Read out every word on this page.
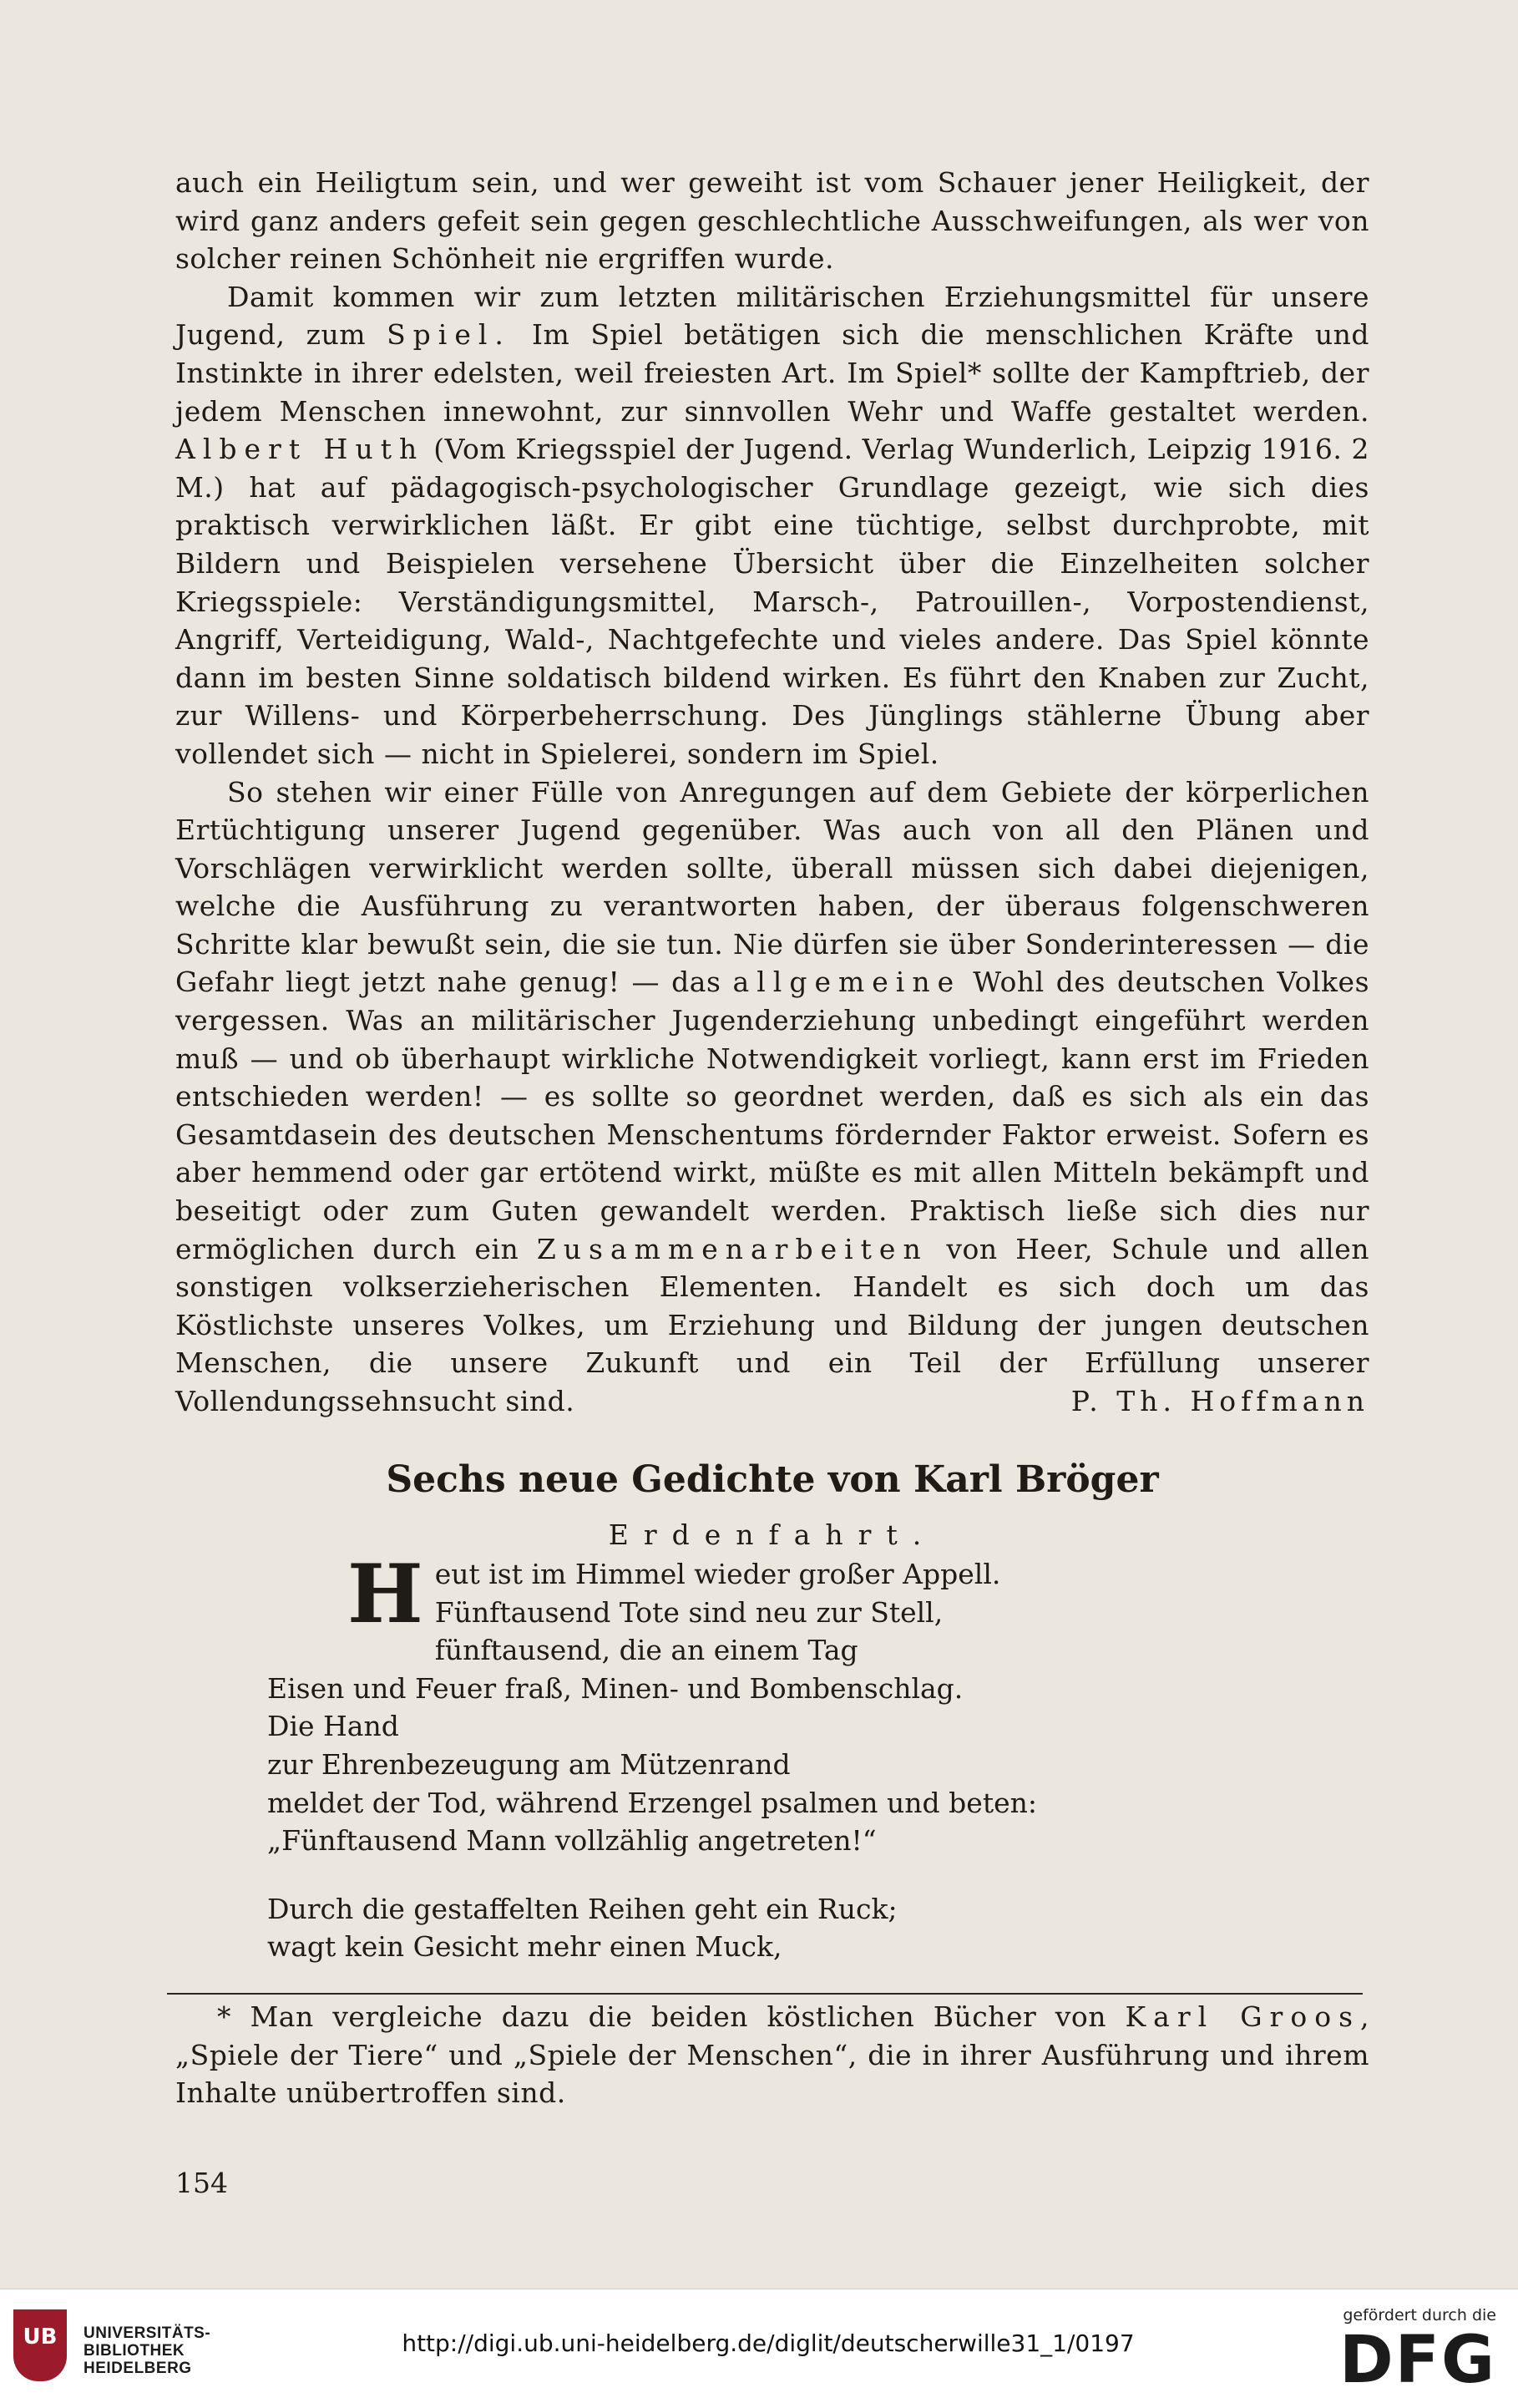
auch ein Heiligtum sein, und wer geweiht ist vom Schauer jener Heiligkeit, der wird ganz anders gefeit sein gegen geschlechtliche Ausschweifungen, als wer von solcher reinen Schönheit nie ergriffen wurde.

Damit kommen wir zum letzten militärischen Erziehungsmittel für unsere Jugend, zum Spiel. Im Spiel betätigen sich die menschlichen Kräfte und Instinkte in ihrer edelsten, weil freiesten Art. Im Spiel* sollte der Kampftrieb, der jedem Menschen innewohnt, zur sinnvollen Wehr und Waffe gestaltet werden. Albert Huth (Vom Kriegsspiel der Jugend. Verlag Wunderlich, Leipzig 1916. 2 M.) hat auf pädagogisch-psychologischer Grundlage gezeigt, wie sich dies praktisch verwirklichen läßt. Er gibt eine tüchtige, selbst durchprobte, mit Bildern und Beispielen versehene Übersicht über die Einzelheiten solcher Kriegsspiele: Verständigungsmittel, Marsch-, Patrouillen-, Vorpostendienst, Angriff, Verteidigung, Wald-, Nachtgefechte und vieles andere. Das Spiel könnte dann im besten Sinne soldatisch bildend wirken. Es führt den Knaben zur Zucht, zur Willens- und Körperbeherrschung. Des Jünglings stählerne Übung aber vollendet sich — nicht in Spielerei, sondern im Spiel.

So stehen wir einer Fülle von Anregungen auf dem Gebiete der körperlichen Ertüchtigung unserer Jugend gegenüber. Was auch von all den Plänen und Vorschlägen verwirklicht werden sollte, überall müssen sich dabei diejenigen, welche die Ausführung zu verantworten haben, der überaus folgenschweren Schritte klar bewußt sein, die sie tun. Nie dürfen sie über Sonderinteressen — die Gefahr liegt jetzt nahe genug! — das allgemeine Wohl des deutschen Volkes vergessen. Was an militärischer Jugenderziehung unbedingt eingeführt werden muß — und ob überhaupt wirkliche Notwendigkeit vorliegt, kann erst im Frieden entschieden werden! — es sollte so geordnet werden, daß es sich als ein das Gesamtdasein des deutschen Menschentums fördernder Faktor erweist. Sofern es aber hemmend oder gar ertötend wirkt, müßte es mit allen Mitteln bekämpft und beseitigt oder zum Guten gewandelt werden. Praktisch ließe sich dies nur ermöglichen durch ein Zusammenarbeiten von Heer, Schule und allen sonstigen volkserzieherischen Elementen. Handelt es sich doch um das Köstlichste unseres Volkes, um Erziehung und Bildung der jungen deutschen Menschen, die unsere Zukunft und ein Teil der Erfüllung unserer Vollendungssehnsucht sind.	P. Th. Hoffmann

Sechs neue Gedichte von Karl Bröger
Erdenfahrt.
H eut ist im Himmel wieder großer Appell.
Fünftausend Tote sind neu zur Stell,
fünftausend, die an einem Tag
Eisen und Feuer fraß, Minen- und Bombenschlag.
Die Hand
zur Ehrenbezeugung am Mützenrand
meldet der Tod, während Erzengel psalmen und beten:
„Fünftausend Mann vollzählig angetreten!“
Durch die gestaffelten Reihen geht ein Ruck;
wagt kein Gesicht mehr einen Muck,
* Man vergleiche dazu die beiden köstlichen Bücher von Karl Groos, „Spiele der Tiere“ und „Spiele der Menschen“, die in ihrer Ausführung und ihrem Inhalte unübertroffen sind.
154
UB	UNIVERSITÄTS-
BIBLIOTHEK
HEIDELBERG
http://digi.ub.uni-heidelberg.de/diglit/deutscherwille31_1/0197
gefördert durch die
DFG
